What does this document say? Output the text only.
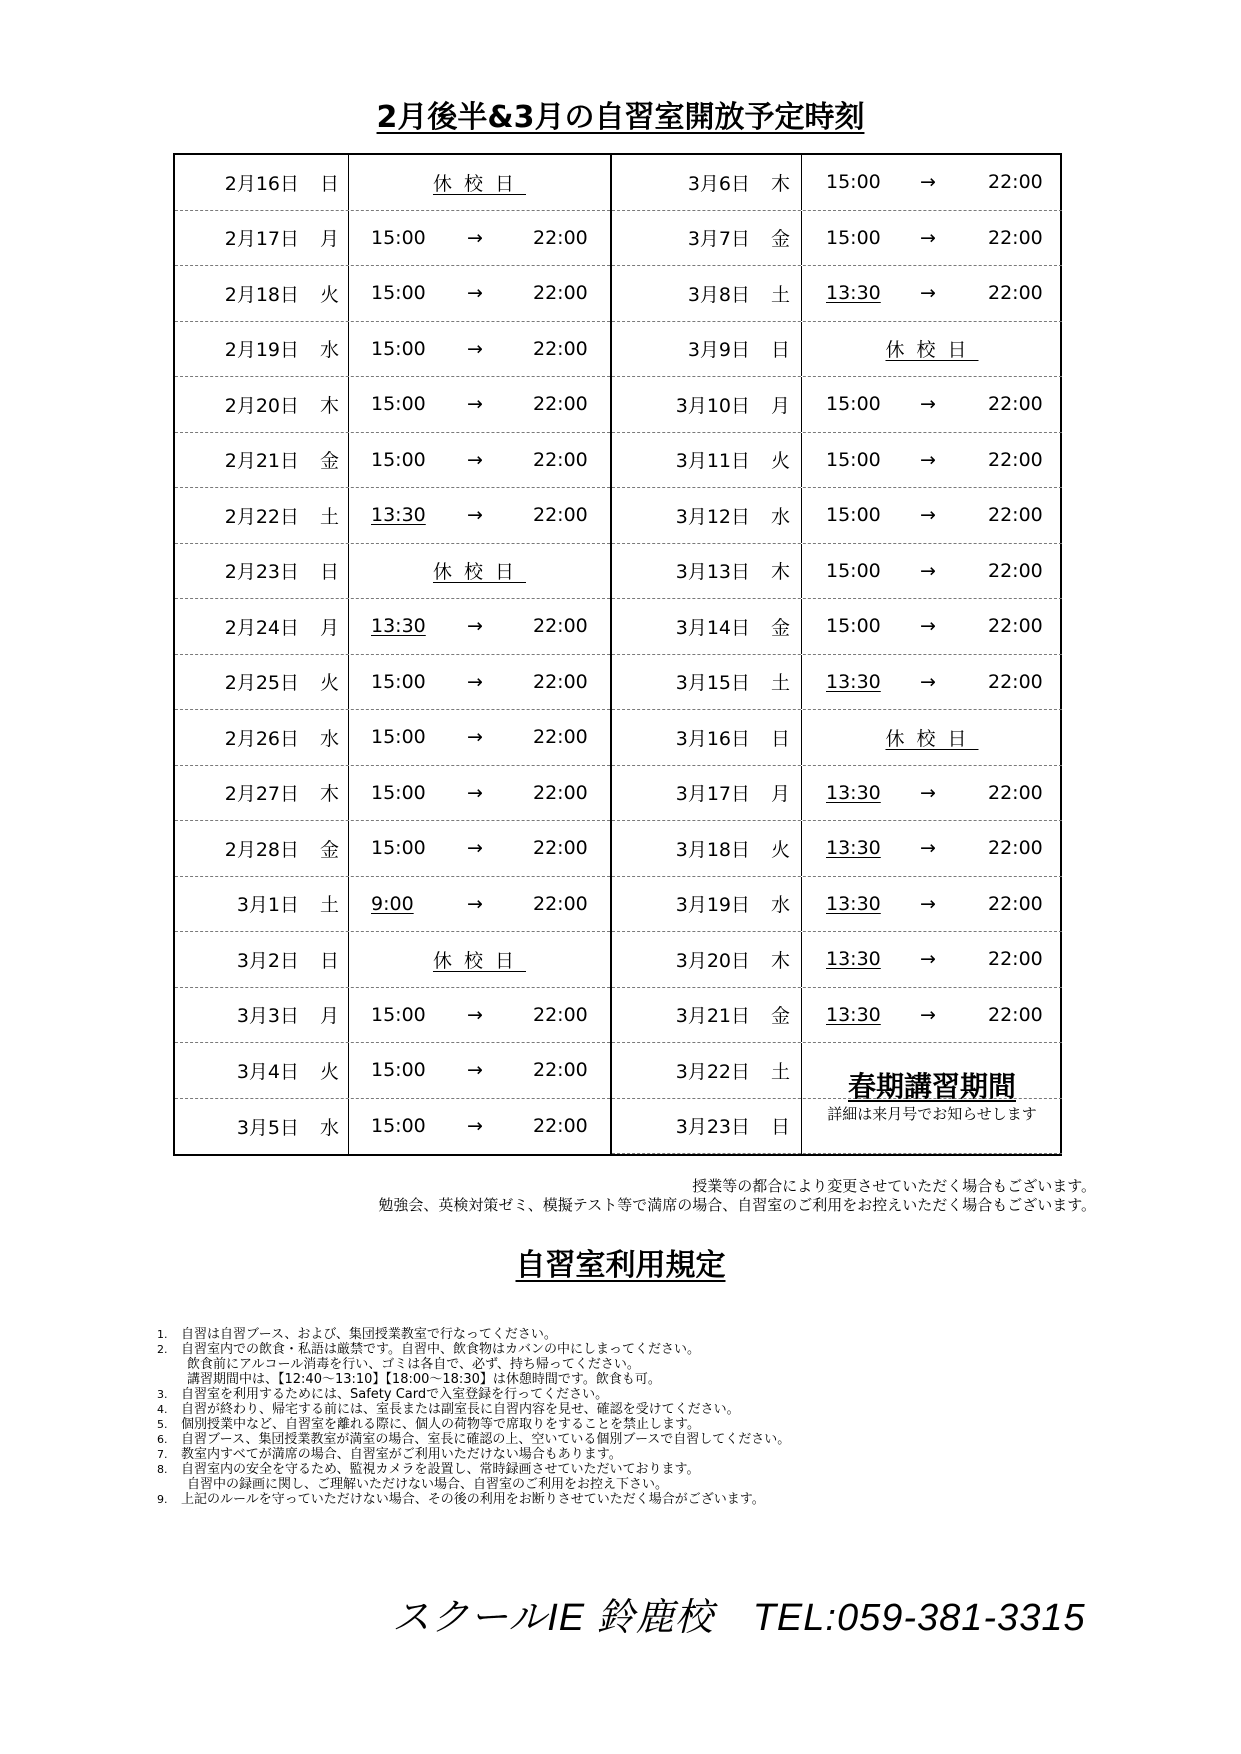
2月後半&3月の自習室開放予定時刻
2月16日	日	休校日
2月17日	月 15:00 →	22:00
2月18日	火 15:00 →	22:00
2月19日	水 15:00 →	22:00
2月20日	木 15:00 →	22:00
2月21日	金 15:00 →	22:00
2月22日	土 13:30 →	22:00
2月23日	日	休校日
2月24日	月 13:30 →	22:00
2月25日	火 15:00 →	22:00
2月26日	水 15:00 →	22:00
2月27日	木 15:00 →	22:00
2月28日	金 15:00 →	22:00
3月1日	土 9:00	→	22:00
3月2日	日	休校日
3月3日	月 15:00 →	22:00
3月4日	火 15:00 →	22:00
3月5日	水 15:00 →	22:00
3月6日	木 15:00 →	22:00
3月7日	金 15:00 →	22:00
3月8日	土 13:30 →	22:00
3月9日	日	休校日
3月10日	月 15:00 →	22:00
3月11日	火 15:00 →	22:00
3月12日	水 15:00 →	22:00
3月13日	木 15:00 →	22:00
3月14日	金 15:00 →	22:00
3月15日	土 13:30 →	22:00
3月16日	日	休校日
3月17日	月 13:30 →	22:00
3月18日	火 13:30 →	22:00
3月19日	水 13:30 →	22:00
3月20日	木 13:30 →	22:00
3月21日	金 13:30 →	22:00
3月22日	土
3月23日	日
春期講習期間
詳細は来月号でお知らせします
授業等の都合により変更させていただく場合もございます。
勉強会、英検対策ゼミ、模擬テスト等で満席の場合、自習室のご利用をお控えいただく場合もございます。
自習室利用規定
1. 自習は自習ブース、および、集団授業教室で行なってください。
2. 自習室内での飲食・私語は厳禁です。自習中、飲食物はカバンの中にしまってください。

飲食前にアルコール消毒を行い、ゴミは各自で、必ず、持ち帰ってください。
講習期間中は、【12:40～13:10】【18:00～18:30】は休憩時間です。飲食も可。
3. 自習室を利用するためには、Safety Cardで入室登録を行ってください。
4. 自習が終わり、帰宅する前には、室長または副室長に自習内容を見せ、確認を受けてください。
5. 個別授業中など、自習室を離れる際に、個人の荷物等で席取りをすることを禁止します。
6. 自習ブース、集団授業教室が満室の場合、室長に確認の上、空いている個別ブースで自習してください。
7. 教室内すべてが満席の場合、自習室がご利用いただけない場合もあります。
8. 自習室内の安全を守るため、監視カメラを設置し、常時録画させていただいております。

自習中の録画に関し、ご理解いただけない場合、自習室のご利用をお控え下さい。
9. 上記のルールを守っていただけない場合、その後の利用をお断りさせていただく場合がございます。
スクールIE 鈴鹿校　TEL:059-381-3315
